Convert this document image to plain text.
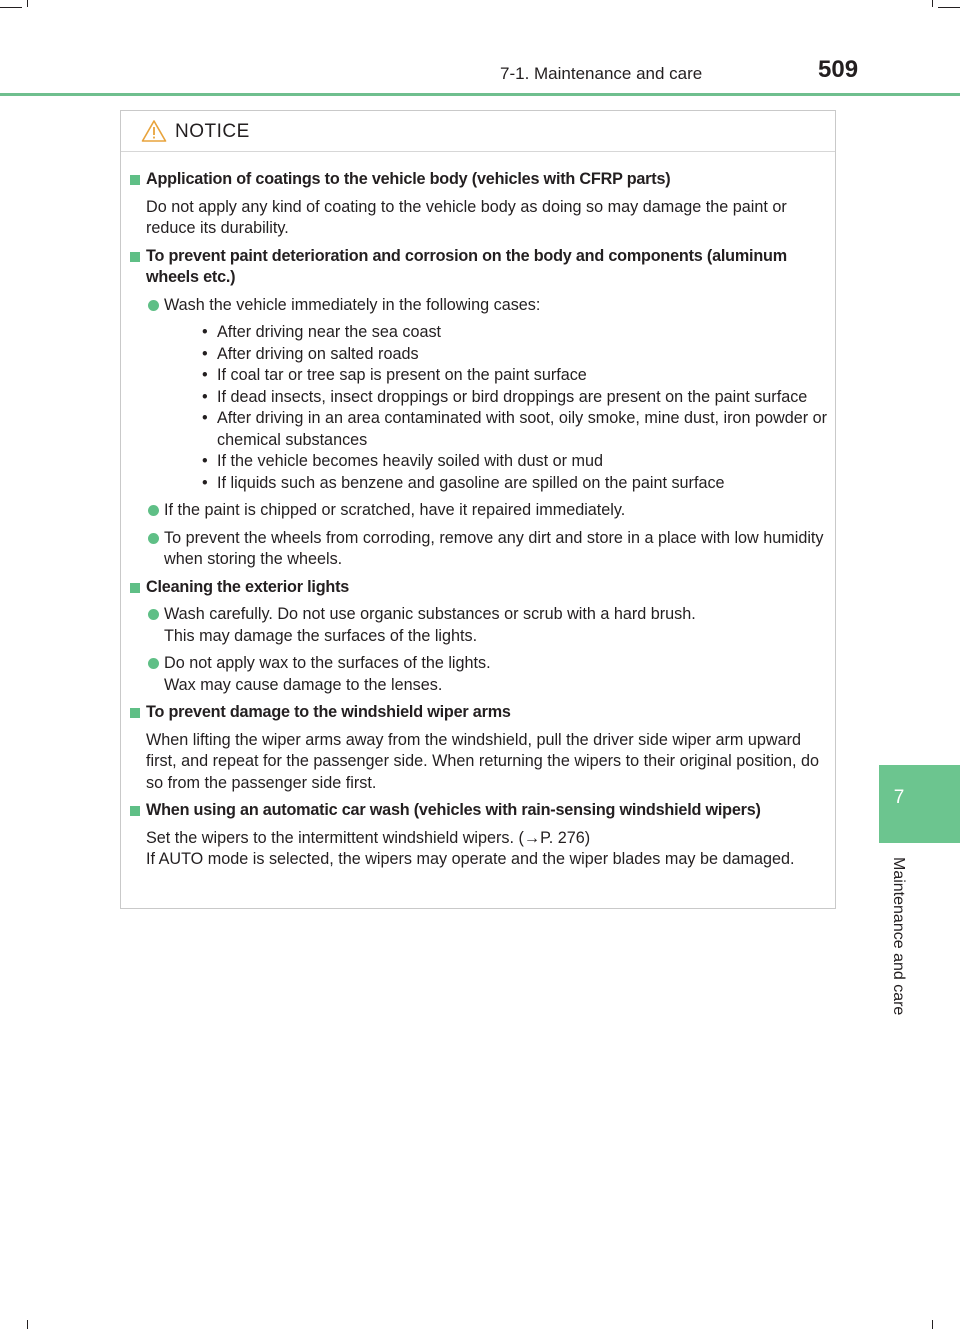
7-1. Maintenance and care	509
7
Maintenance and care
NOTICE
Application of coatings to the vehicle body (vehicles with CFRP parts)
Do not apply any kind of coating to the vehicle body as doing so may damage the paint or reduce its durability.
To prevent paint deterioration and corrosion on the body and components (aluminum wheels etc.)
Wash the vehicle immediately in the following cases:
• After driving near the sea coast
• After driving on salted roads
• If coal tar or tree sap is present on the paint surface
• If dead insects, insect droppings or bird droppings are present on the paint surface
• After driving in an area contaminated with soot, oily smoke, mine dust, iron powder or chemical substances
• If the vehicle becomes heavily soiled with dust or mud
• If liquids such as benzene and gasoline are spilled on the paint surface
If the paint is chipped or scratched, have it repaired immediately.
To prevent the wheels from corroding, remove any dirt and store in a place with low humidity when storing the wheels.
Cleaning the exterior lights
Wash carefully. Do not use organic substances or scrub with a hard brush.
This may damage the surfaces of the lights.
Do not apply wax to the surfaces of the lights.
Wax may cause damage to the lenses.
To prevent damage to the windshield wiper arms
When lifting the wiper arms away from the windshield, pull the driver side wiper arm upward first, and repeat for the passenger side. When returning the wipers to their original position, do so from the passenger side first.
When using an automatic car wash (vehicles with rain-sensing windshield wipers)
Set the wipers to the intermittent windshield wipers. (→P. 276)
If AUTO mode is selected, the wipers may operate and the wiper blades may be damaged.
